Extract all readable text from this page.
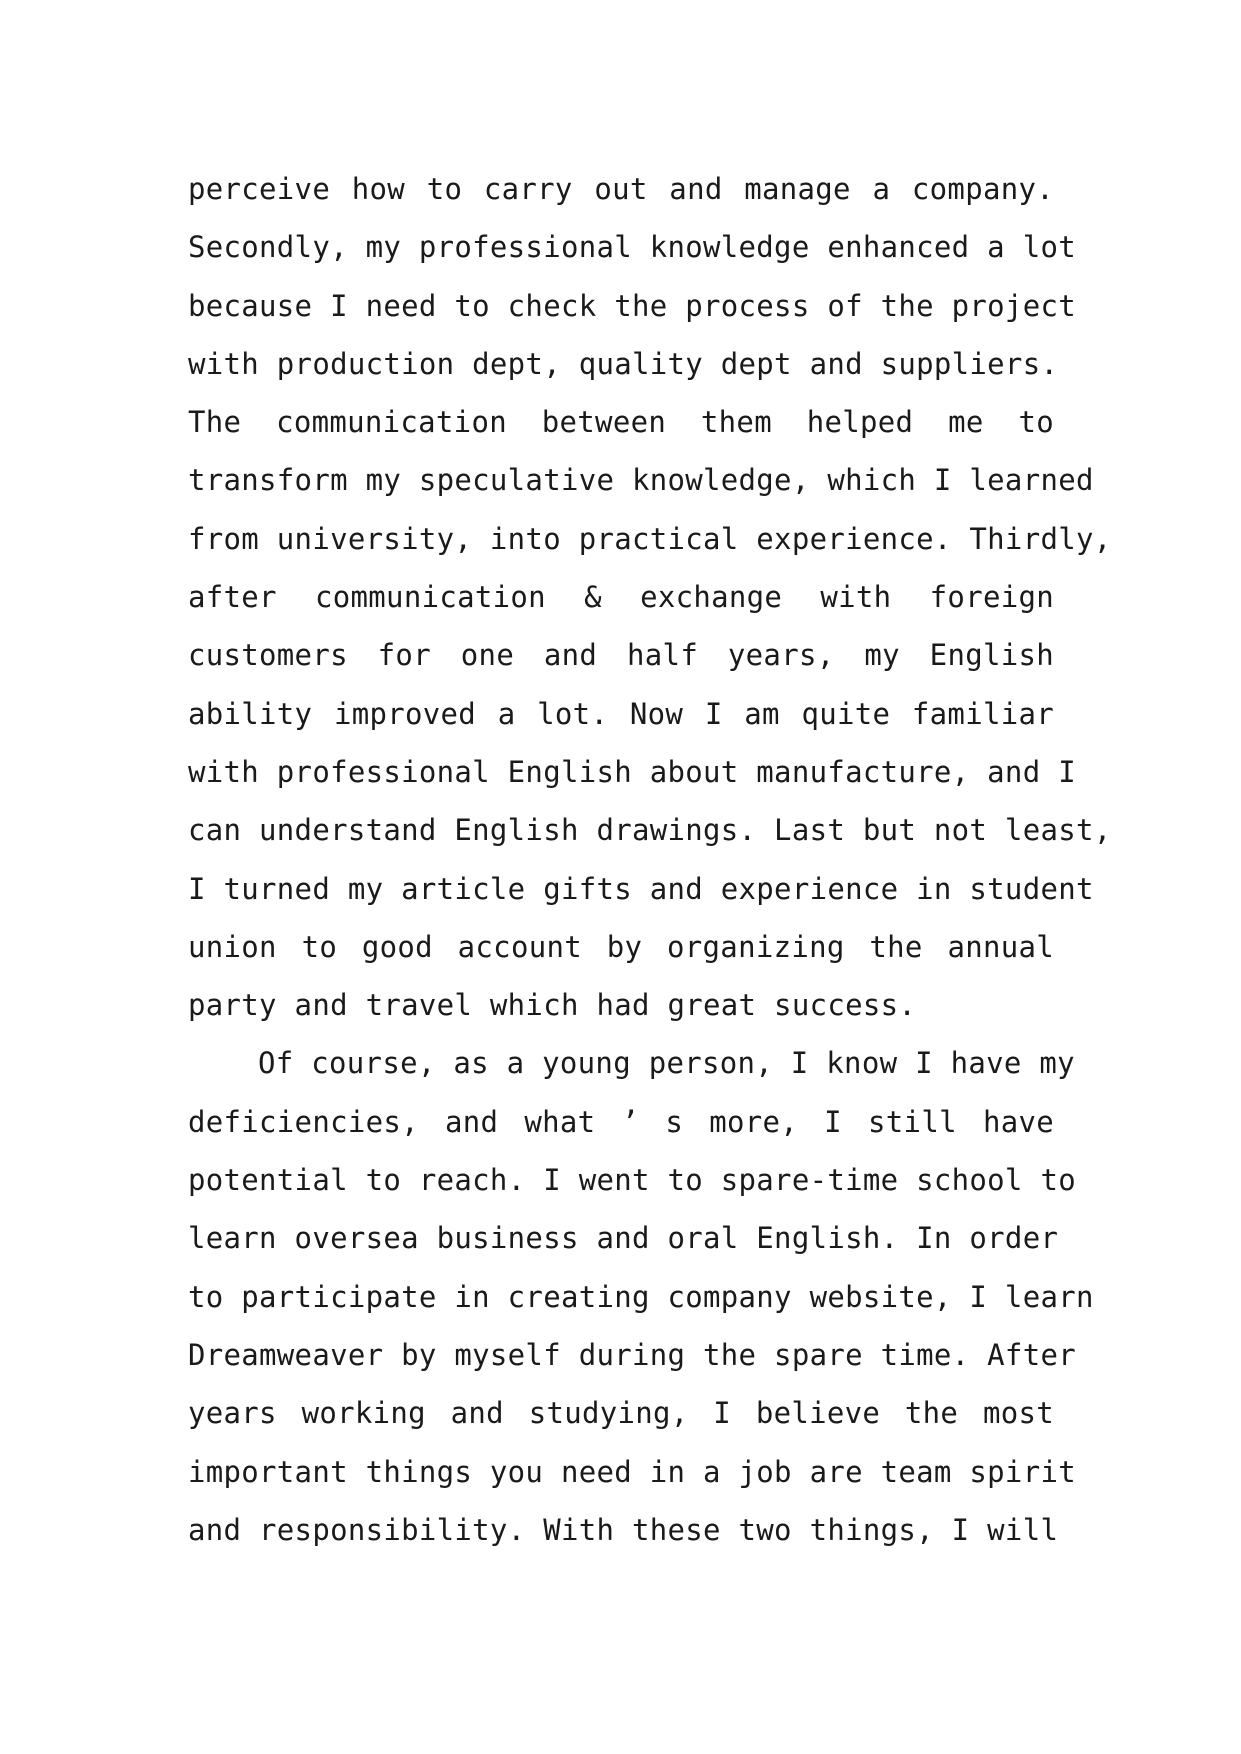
perceive how to carry out and manage a company.
Secondly, my professional knowledge enhanced a lot
because I need to check the process of the project
with production dept, quality dept and suppliers.
The communication between them helped me to
transform my speculative knowledge, which I learned
from university, into practical experience. Thirdly,
after communication & exchange with foreign
customers for one and half years, my English
ability improved a lot. Now I am quite familiar
with professional English about manufacture, and I
can understand English drawings. Last but not least,
I turned my article gifts and experience in student
union to good account by organizing the annual
party and travel which had great success.
Of course, as a young person, I know I have my
deficiencies, and what ’ s more, I still have
potential to reach. I went to spare-time school to
learn oversea business and oral English. In order
to participate in creating company website, I learn
Dreamweaver by myself during the spare time. After
years working and studying, I believe the most
important things you need in a job are team spirit
and responsibility. With these two things, I will
